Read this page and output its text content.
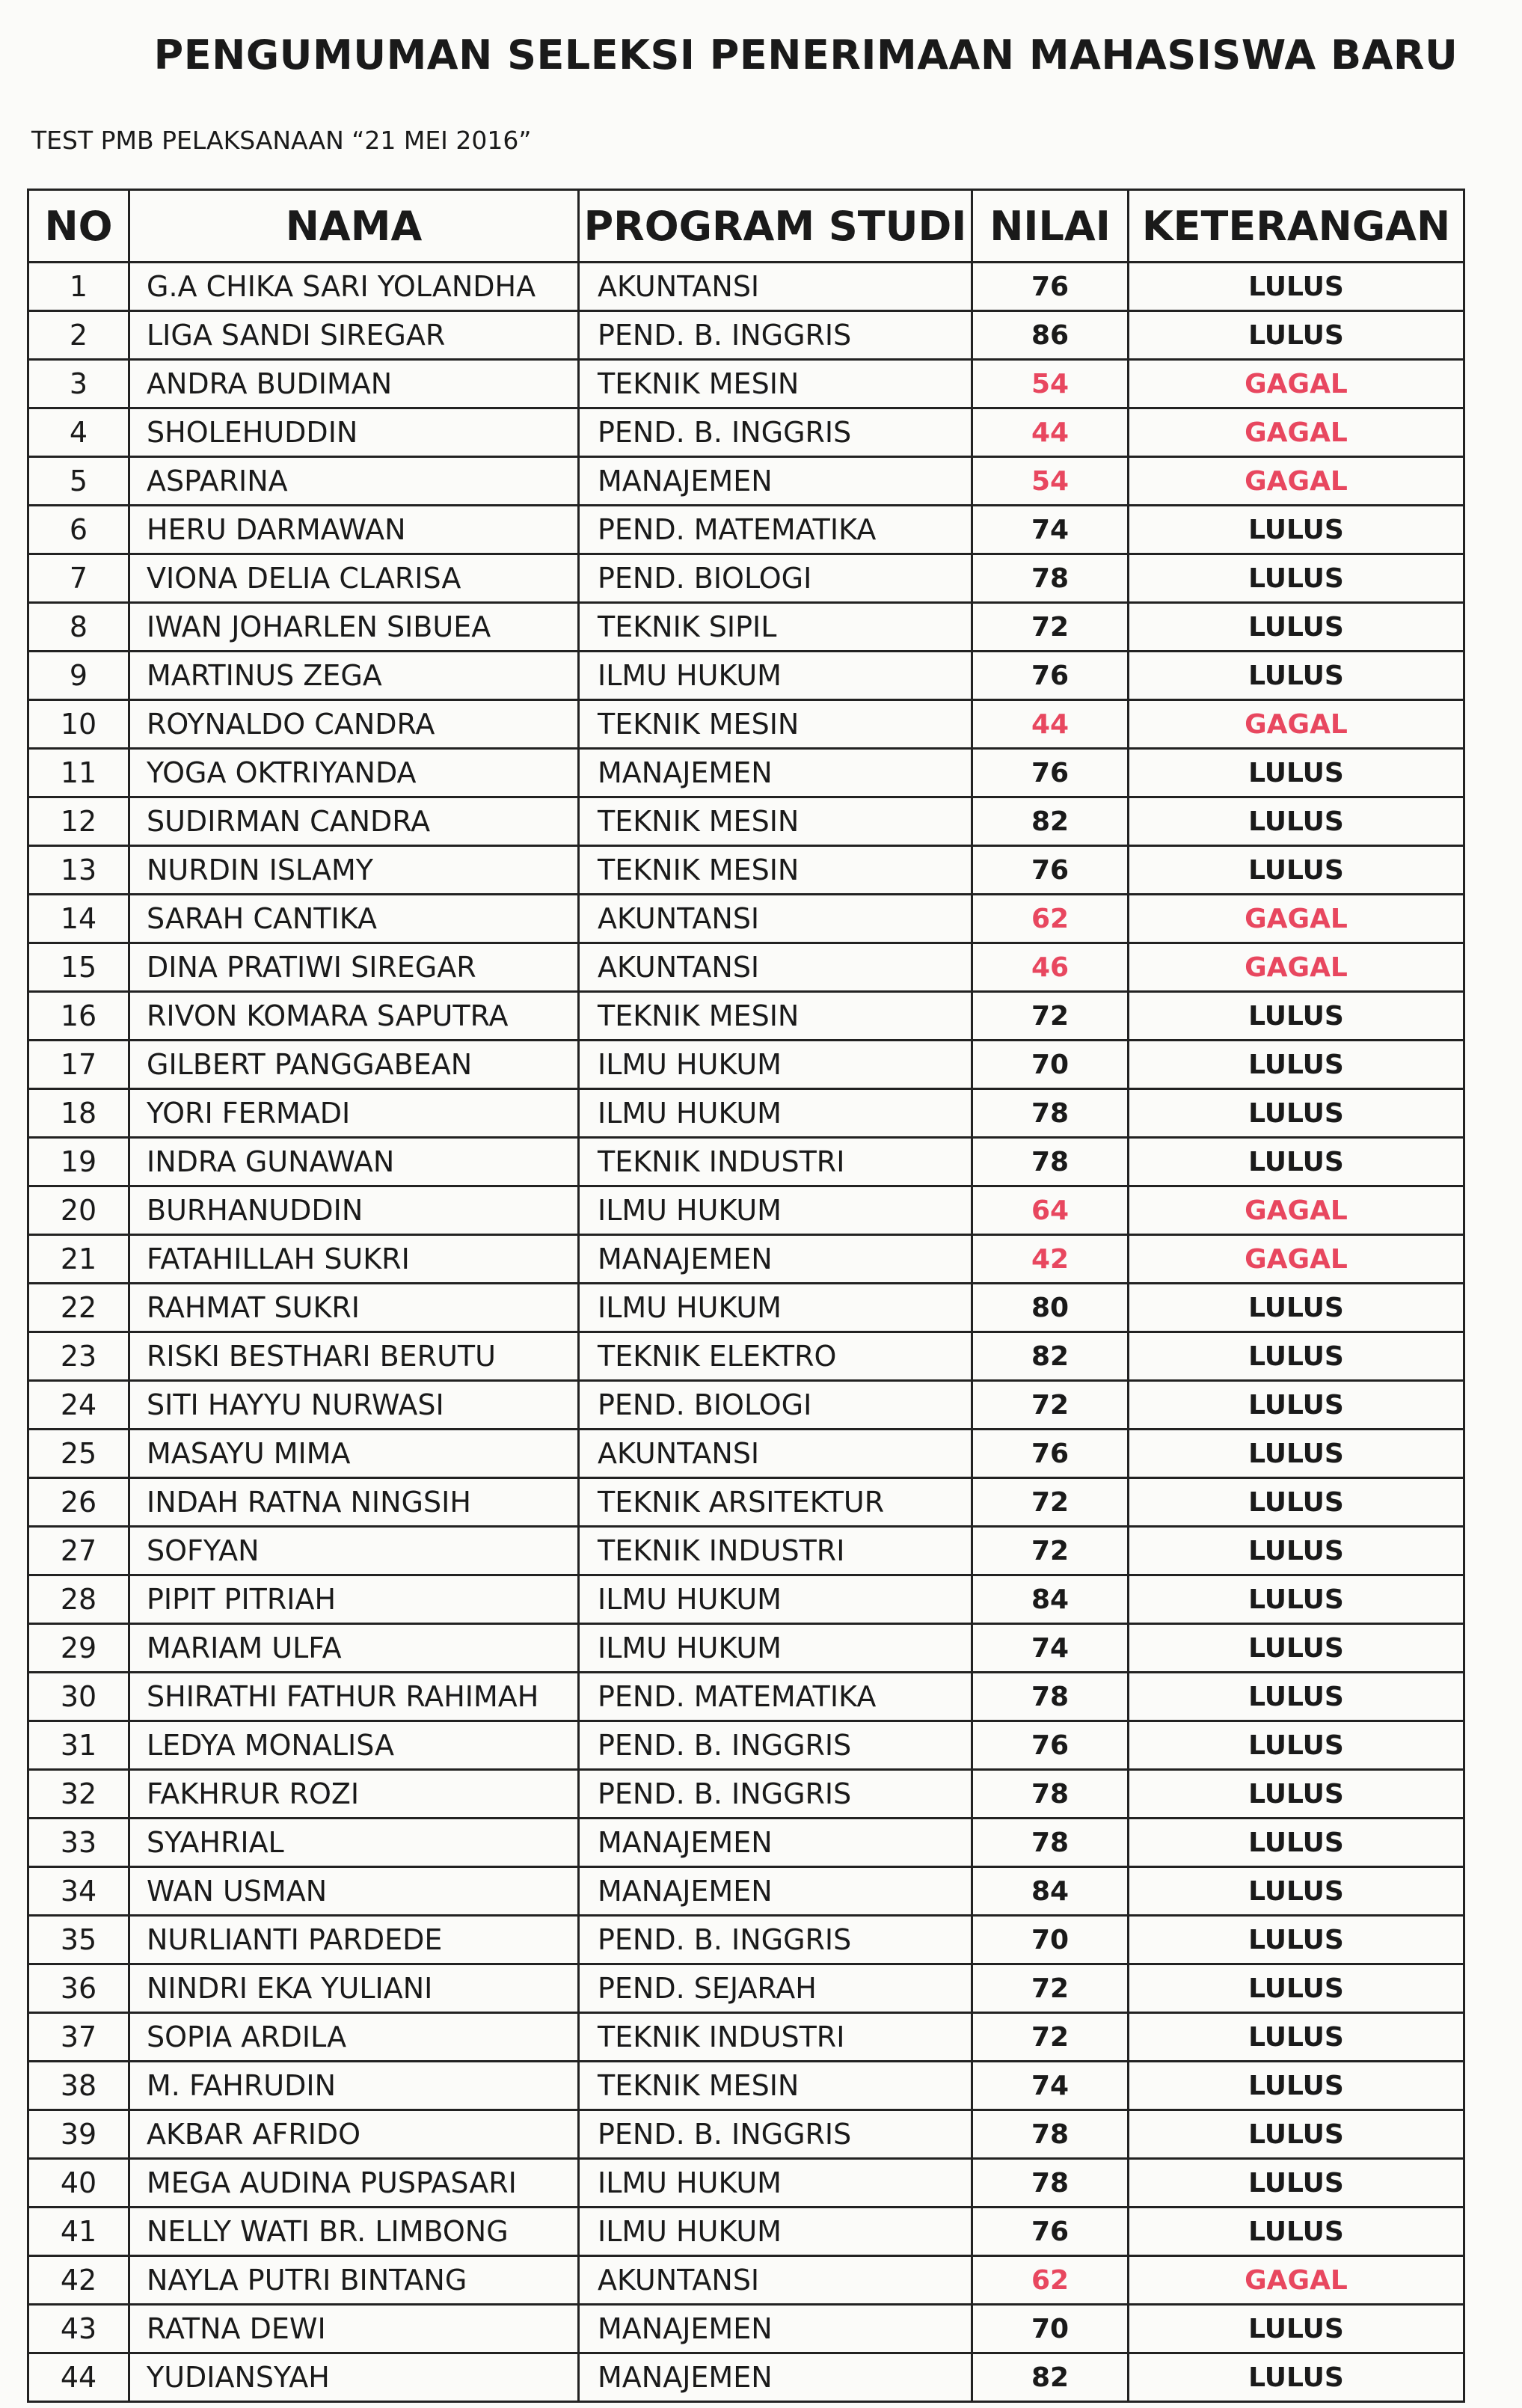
PENGUMUMAN SELEKSI PENERIMAAN MAHASISWA BARU
TEST PMB PELAKSANAAN “21 MEI 2016”
NO	NAMA	PROGRAM STUDI	NILAI	KETERANGAN
1	G.A CHIKA SARI YOLANDHA	AKUNTANSI	76	LULUS
2	LIGA SANDI SIREGAR	PEND. B. INGGRIS	86	LULUS
3	ANDRA BUDIMAN	TEKNIK MESIN	54	GAGAL
4	SHOLEHUDDIN	PEND. B. INGGRIS	44	GAGAL
5	ASPARINA	MANAJEMEN	54	GAGAL
6	HERU DARMAWAN	PEND. MATEMATIKA	74	LULUS
7	VIONA DELIA CLARISA	PEND. BIOLOGI	78	LULUS
8	IWAN JOHARLEN SIBUEA	TEKNIK SIPIL	72	LULUS
9	MARTINUS ZEGA	ILMU HUKUM	76	LULUS
10	ROYNALDO CANDRA	TEKNIK MESIN	44	GAGAL
11	YOGA OKTRIYANDA	MANAJEMEN	76	LULUS
12	SUDIRMAN CANDRA	TEKNIK MESIN	82	LULUS
13	NURDIN ISLAMY	TEKNIK MESIN	76	LULUS
14	SARAH CANTIKA	AKUNTANSI	62	GAGAL
15	DINA PRATIWI SIREGAR	AKUNTANSI	46	GAGAL
16	RIVON KOMARA SAPUTRA	TEKNIK MESIN	72	LULUS
17	GILBERT PANGGABEAN	ILMU HUKUM	70	LULUS
18	YORI FERMADI	ILMU HUKUM	78	LULUS
19	INDRA GUNAWAN	TEKNIK INDUSTRI	78	LULUS
20	BURHANUDDIN	ILMU HUKUM	64	GAGAL
21	FATAHILLAH SUKRI	MANAJEMEN	42	GAGAL
22	RAHMAT SUKRI	ILMU HUKUM	80	LULUS
23	RISKI BESTHARI BERUTU	TEKNIK ELEKTRO	82	LULUS
24	SITI HAYYU NURWASI	PEND. BIOLOGI	72	LULUS
25	MASAYU MIMA	AKUNTANSI	76	LULUS
26	INDAH RATNA NINGSIH	TEKNIK ARSITEKTUR	72	LULUS
27	SOFYAN	TEKNIK INDUSTRI	72	LULUS
28	PIPIT PITRIAH	ILMU HUKUM	84	LULUS
29	MARIAM ULFA	ILMU HUKUM	74	LULUS
30	SHIRATHI FATHUR RAHIMAH	PEND. MATEMATIKA	78	LULUS
31	LEDYA MONALISA	PEND. B. INGGRIS	76	LULUS
32	FAKHRUR ROZI	PEND. B. INGGRIS	78	LULUS
33	SYAHRIAL	MANAJEMEN	78	LULUS
34	WAN USMAN	MANAJEMEN	84	LULUS
35	NURLIANTI PARDEDE	PEND. B. INGGRIS	70	LULUS
36	NINDRI EKA YULIANI	PEND. SEJARAH	72	LULUS
37	SOPIA ARDILA	TEKNIK INDUSTRI	72	LULUS
38	M. FAHRUDIN	TEKNIK MESIN	74	LULUS
39	AKBAR AFRIDO	PEND. B. INGGRIS	78	LULUS
40	MEGA AUDINA PUSPASARI	ILMU HUKUM	78	LULUS
41	NELLY WATI BR. LIMBONG	ILMU HUKUM	76	LULUS
42	NAYLA PUTRI BINTANG	AKUNTANSI	62	GAGAL
43	RATNA DEWI	MANAJEMEN	70	LULUS
44	YUDIANSYAH	MANAJEMEN	82	LULUS
